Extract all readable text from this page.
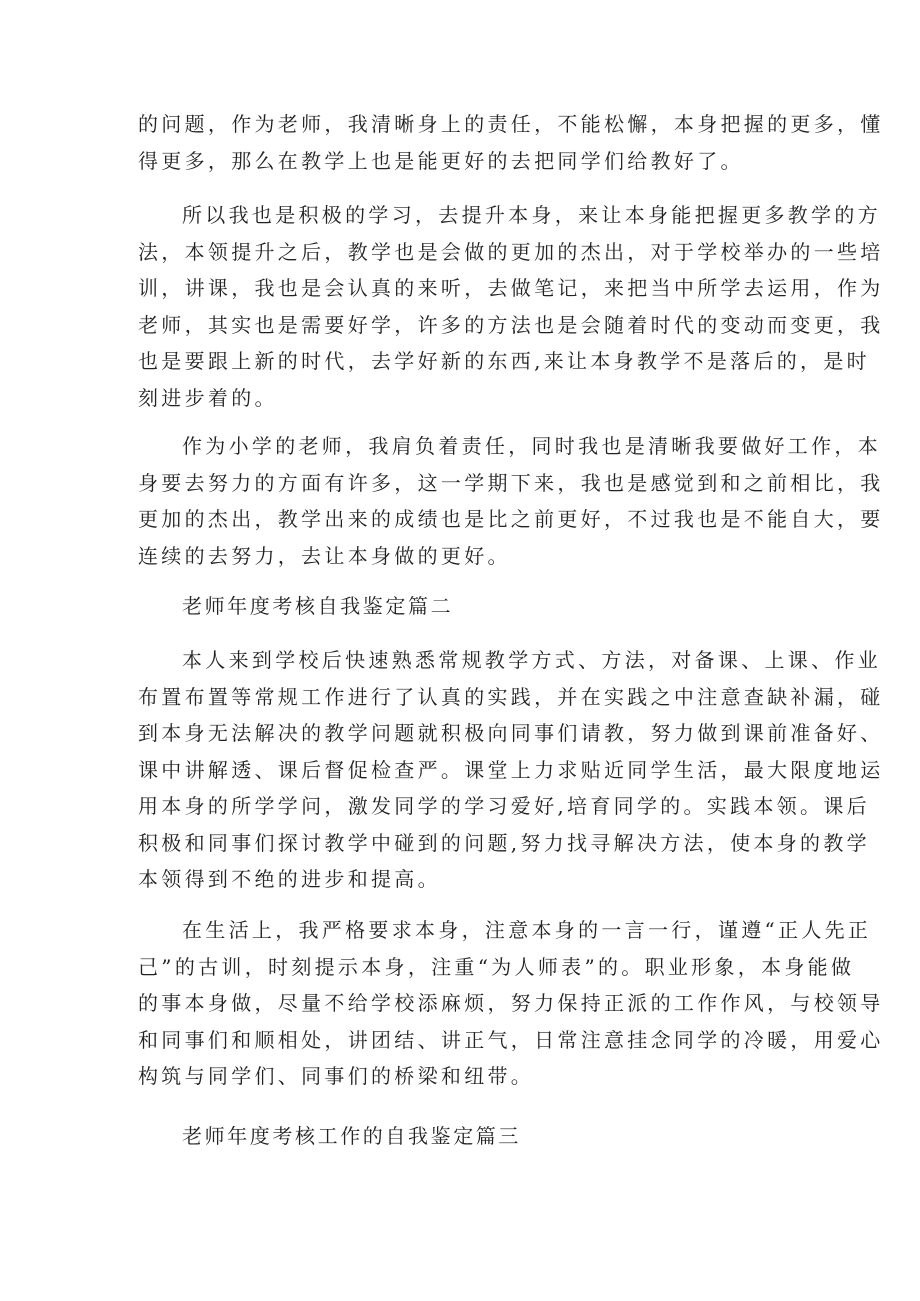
的问题，作为老师，我清晰身上的责任，不能松懈，本身把握的更多，懂
得更多，那么在教学上也是能更好的去把同学们给教好了。
所以我也是积极的学习，去提升本身，来让本身能把握更多教学的方
法，本领提升之后，教学也是会做的更加的杰出，对于学校举办的一些培
训，讲课，我也是会认真的来听，去做笔记，来把当中所学去运用，作为
老师，其实也是需要好学，许多的方法也是会随着时代的变动而变更，我
也是要跟上新的时代，去学好新的东西,来让本身教学不是落后的，是时
刻进步着的。
作为小学的老师，我肩负着责任，同时我也是清晰我要做好工作，本
身要去努力的方面有许多，这一学期下来，我也是感觉到和之前相比，我
更加的杰出，教学出来的成绩也是比之前更好，不过我也是不能自大，要
连续的去努力，去让本身做的更好。
老师年度考核自我鉴定篇二
本人来到学校后快速熟悉常规教学方式、方法，对备课、上课、作业
布置布置等常规工作进行了认真的实践，并在实践之中注意查缺补漏，碰
到本身无法解决的教学问题就积极向同事们请教，努力做到课前准备好、
课中讲解透、课后督促检查严。课堂上力求贴近同学生活，最大限度地运
用本身的所学学问，激发同学的学习爱好,培育同学的。实践本领。课后
积极和同事们探讨教学中碰到的问题,努力找寻解决方法，使本身的教学
本领得到不绝的进步和提高。
在生活上，我严格要求本身，注意本身的一言一行，谨遵“正人先正
己”的古训，时刻提示本身，注重“为人师表”的。职业形象，本身能做
的事本身做，尽量不给学校添麻烦，努力保持正派的工作作风，与校领导
和同事们和顺相处，讲团结、讲正气，日常注意挂念同学的冷暖，用爱心
构筑与同学们、同事们的桥梁和纽带。
老师年度考核工作的自我鉴定篇三
